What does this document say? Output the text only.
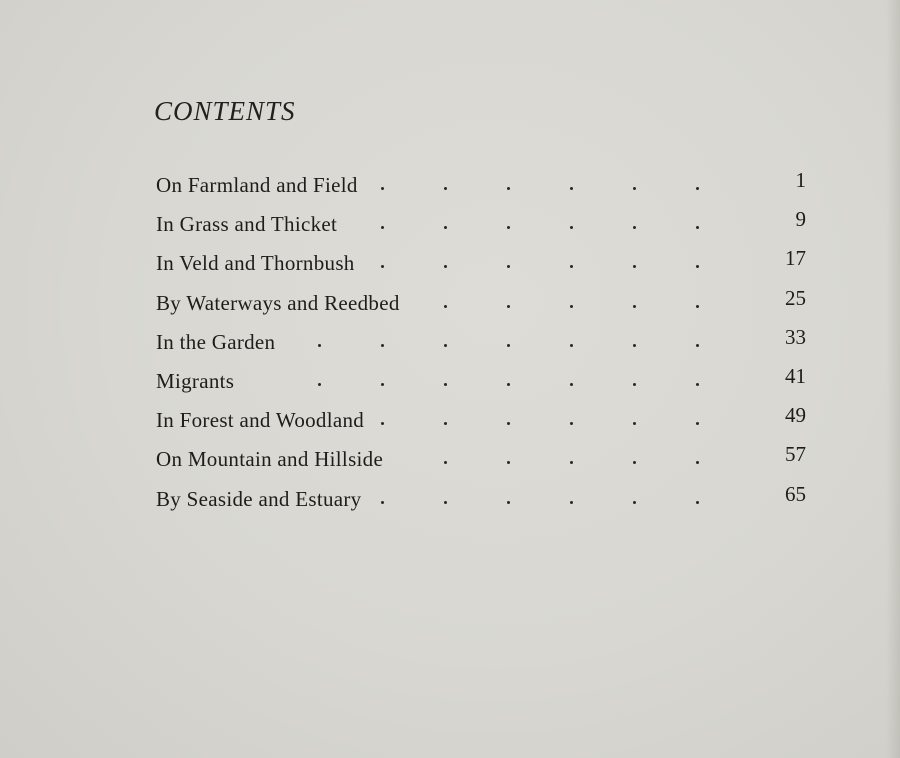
CONTENTS
On Farmland and Field	1
In Grass and Thicket	9
In Veld and Thornbush	17
By Waterways and Reedbed	25
In the Garden	33
Migrants	41
In Forest and Woodland	49
On Mountain and Hillside	57
By Seaside and Estuary	65
